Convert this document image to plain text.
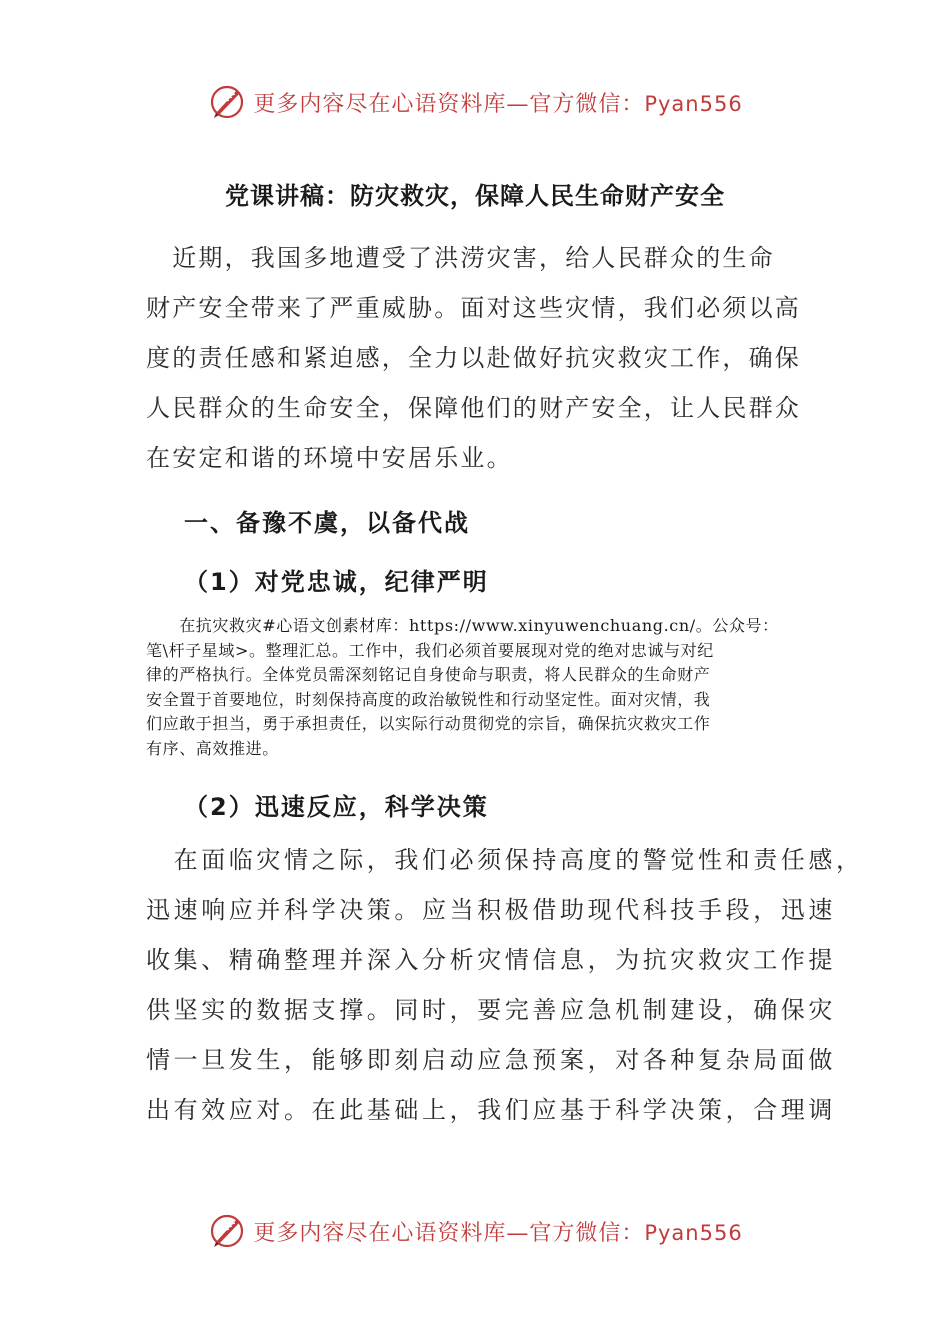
更多内容尽在心语资料库—官方微信：Pyan556
党课讲稿：防灾救灾，保障人民生命财产安全
　近期，我国多地遭受了洪涝灾害，给人民群众的生命
财产安全带来了严重威胁。面对这些灾情，我们必须以高
度的责任感和紧迫感，全力以赴做好抗灾救灾工作，确保
人民群众的生命安全，保障他们的财产安全，让人民群众
在安定和谐的环境中安居乐业。
一、备豫不虞，以备代战
（1）对党忠诚，纪律严明
　　在抗灾救灾#心语文创素材库：https://www.xinyuwenchuang.cn/。公众号：
笔\杆子星域>。整理汇总。工作中，我们必须首要展现对党的绝对忠诚与对纪
律的严格执行。全体党员需深刻铭记自身使命与职责，将人民群众的生命财产
安全置于首要地位，时刻保持高度的政治敏锐性和行动坚定性。面对灾情，我
们应敢于担当，勇于承担责任，以实际行动贯彻党的宗旨，确保抗灾救灾工作
有序、高效推进。
（2）迅速反应，科学决策
　在面临灾情之际，我们必须保持高度的警觉性和责任感，
迅速响应并科学决策。应当积极借助现代科技手段，迅速
收集、精确整理并深入分析灾情信息，为抗灾救灾工作提
供坚实的数据支撑。同时，要完善应急机制建设，确保灾
情一旦发生，能够即刻启动应急预案，对各种复杂局面做
出有效应对。在此基础上，我们应基于科学决策，合理调
更多内容尽在心语资料库—官方微信：Pyan556
